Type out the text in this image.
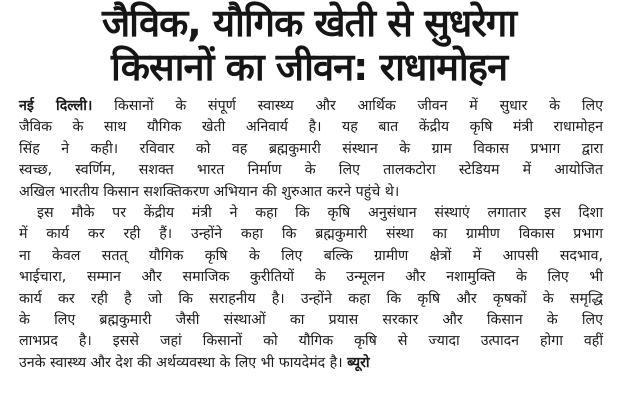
जैविक, यौगिक खेती से सुधरेगा
किसानों का जीवन: राधामोहन
नई दिल्ली। किसानों के संपूर्ण स्वास्थ्य और आर्थिक जीवन में सुधार के लिए
जैविक के साथ यौगिक खेती अनिवार्य है। यह बात केंद्रीय कृषि मंत्री राधामोहन
सिंह ने कही। रविवार को वह ब्रह्मकुमारी संस्थान के ग्राम विकास प्रभाग द्वारा
स्वच्छ, स्वर्णिम, सशक्त भारत निर्माण के लिए तालकटोरा स्टेडियम में आयोजित
अखिल भारतीय किसान सशक्तिकरण अभियान की शुरुआत करने पहुंचे थे।
इस मौके पर केंद्रीय मंत्री ने कहा कि कृषि अनुसंधान संस्थाएं लगातार इस दिशा
में कार्य कर रही हैं। उन्होंने कहा कि ब्रह्मकुमारी संस्था का ग्रामीण विकास प्रभाग
ना केवल सतत् यौगिक कृषि के लिए बल्कि ग्रामीण क्षेत्रों में आपसी सदभाव,
भाईचारा, सम्मान और समाजिक कुरीतियों के उन्मूलन और नशामुक्ति के लिए भी
कार्य कर रही है जो कि सराहनीय है। उन्होंने कहा कि कृषि और कृषकों के समृद्धि
के लिए ब्रह्मकुमारी जैसी संस्थाओं का प्रयास सरकार और किसान के लिए
लाभप्रद है। इससे जहां किसानों को यौगिक कृषि से ज्यादा उत्पादन होगा वहीं
उनके स्वास्थ्य और देश की अर्थव्यवस्था के लिए भी फायदेमंद है। ब्यूरो
